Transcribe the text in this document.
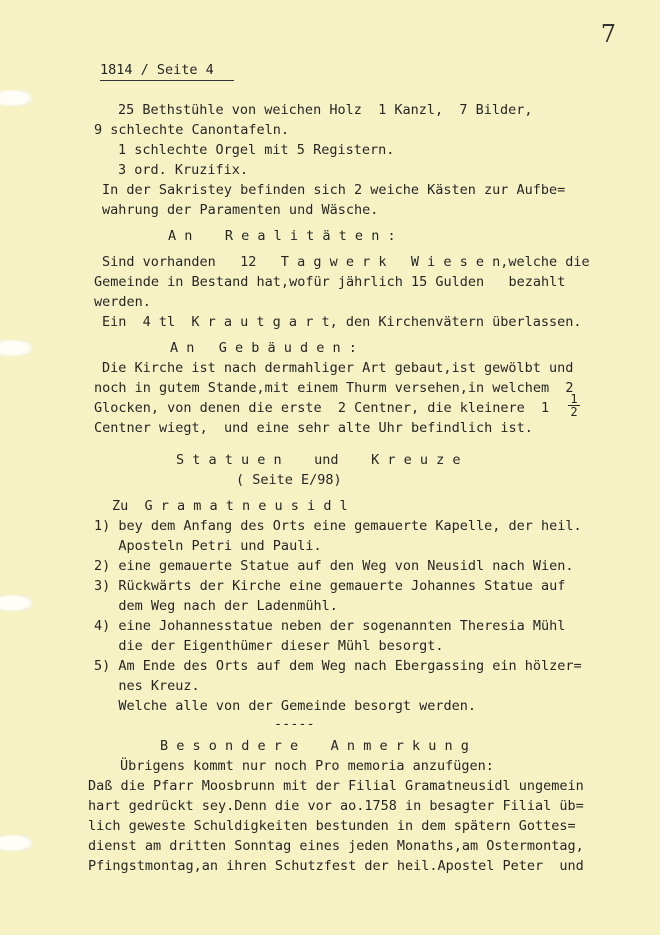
7
1814 / Seite 4
25 Bethstühle von weichen Holz  1 Kanzl,  7 Bilder,
9 schlechte Canontafeln.
1 schlechte Orgel mit 5 Registern.
3 ord. Kruzifix.
In der Sakristey befinden sich 2 weiche Kästen zur Aufbe=
wahrung der Paramenten und Wäsche.
A n    R e a l i t ä t e n :
Sind vorhanden   12   T a g w e r k   W i e s e n,welche die
Gemeinde in Bestand hat,wofür jährlich 15 Gulden   bezahlt
werden.
Ein  4 tl  K r a u t g a r t, den Kirchenvätern überlassen.
A n   G e b ä u d e n :
Die Kirche ist nach dermahliger Art gebaut,ist gewölbt und
noch in gutem Stande,mit einem Thurm versehen,in welchem  2
Glocken, von denen die erste  2 Centner, die kleinere  1
1
2
Centner wiegt,  und eine sehr alte Uhr befindlich ist.
S t a t u e n    und    K r e u z e
( Seite E/98)
Zu  G r a m a t n e u s i d l
1) bey dem Anfang des Orts eine gemauerte Kapelle, der heil.
Aposteln Petri und Pauli.
2) eine gemauerte Statue auf den Weg von Neusidl nach Wien.
3) Rückwärts der Kirche eine gemauerte Johannes Statue auf
dem Weg nach der Ladenmühl.
4) eine Johannesstatue neben der sogenannten Theresia Mühl
die der Eigenthümer dieser Mühl besorgt.
5) Am Ende des Orts auf dem Weg nach Ebergassing ein hölzer=
nes Kreuz.
Welche alle von der Gemeinde besorgt werden.
-----
B e s o n d e r e    A n m e r k u n g
Übrigens kommt nur noch Pro memoria anzufügen:
Daß die Pfarr Moosbrunn mit der Filial Gramatneusidl ungemein
hart gedrückt sey.Denn die vor ao.1758 in besagter Filial üb=
lich geweste Schuldigkeiten bestunden in dem spätern Gottes=
dienst am dritten Sonntag eines jeden Monaths,am Ostermontag,
Pfingstmontag,an ihren Schutzfest der heil.Apostel Peter  und
